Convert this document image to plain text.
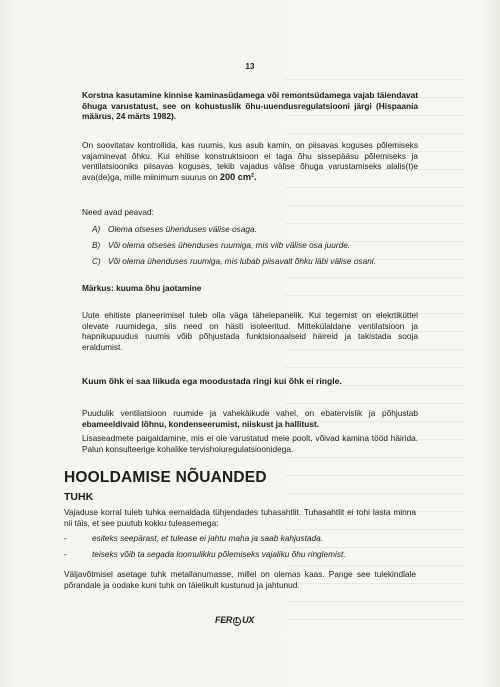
13
Korstna kasutamine kinnise kaminasüdamega või remontsüdamega vajab täiendavat õhuga varustatust, see on kohustuslik õhu-uuendusregulatsiooni järgi (Hispaania määrus, 24 märts 1982).
On soovitatav kontrollida, kas ruumis, kus asub kamin, on piisavas koguses põlemiseks vajaminevat õhku. Kui ehitise konstruktsioon ei taga õhu sissepääsu põlemiseks ja ventilatsiooniks piisavas koguses, tekib vajadus välise õhuga varustamiseks alalis(t)e ava(de)ga, mille miinimum suurus on 200 cm².
Need avad peavad:
A) Olema otseses ühenduses välise osaga.
B) Või olema otseses ühenduses ruumiga, mis viib välise osa juurde.
C) Või olema ühenduses ruumiga, mis lubab piisavalt õhku läbi välise osani.
Märkus: kuuma õhu jaotamine
Uute ehitiste planeerimisel tuleb olla väga tähelepanelik. Kui tegemist on elekrtiküttel olevate ruumidega, siis need on hästi isoleeritud. Mittekülaldane ventilatsioon ja hapnikupuudus ruumis võib põhjustada funktsionaalseid häireid ja takistada sooja eraldumist.
Kuum õhk ei saa liikuda ega moodustada ringi kui õhk ei ringle.
Puudulik ventilatsioon ruumide ja vahekäikude vahel, on ebatervislik ja põhjustab ebameeldivaid lõhnu, kondenseerumist, niiskust ja hallitust.
Lisaseadmete paigaldamine, mis ei ole varustatud meie poolt, võivad kamina tööd häirida. Palun konsulteerige kohalike tervishoiuregulatsioonidega.
HOOLDAMISE NÕUANDED
TUHK
Vajaduse korral tuleb tuhka eemaldada tühjendades tuhasahtlit. Tuhasahtlit ei tohi lasta minna nii täis, et see puutub kokku tuleasemega:
-	esiteks seepärast, et tulease ei jahtu maha ja saab kahjustada.
-	teiseks võib ta segada loomulikku põlemiseks vajaliku õhu ringlemist.
Väljavõtmisel asetage tuhk metallanumasse, millel on olemas kaas. Pange see tulekindlale põrandale ja oodake kuni tuhk on täielikult kustunud ja jahtunud.
FER L UX
